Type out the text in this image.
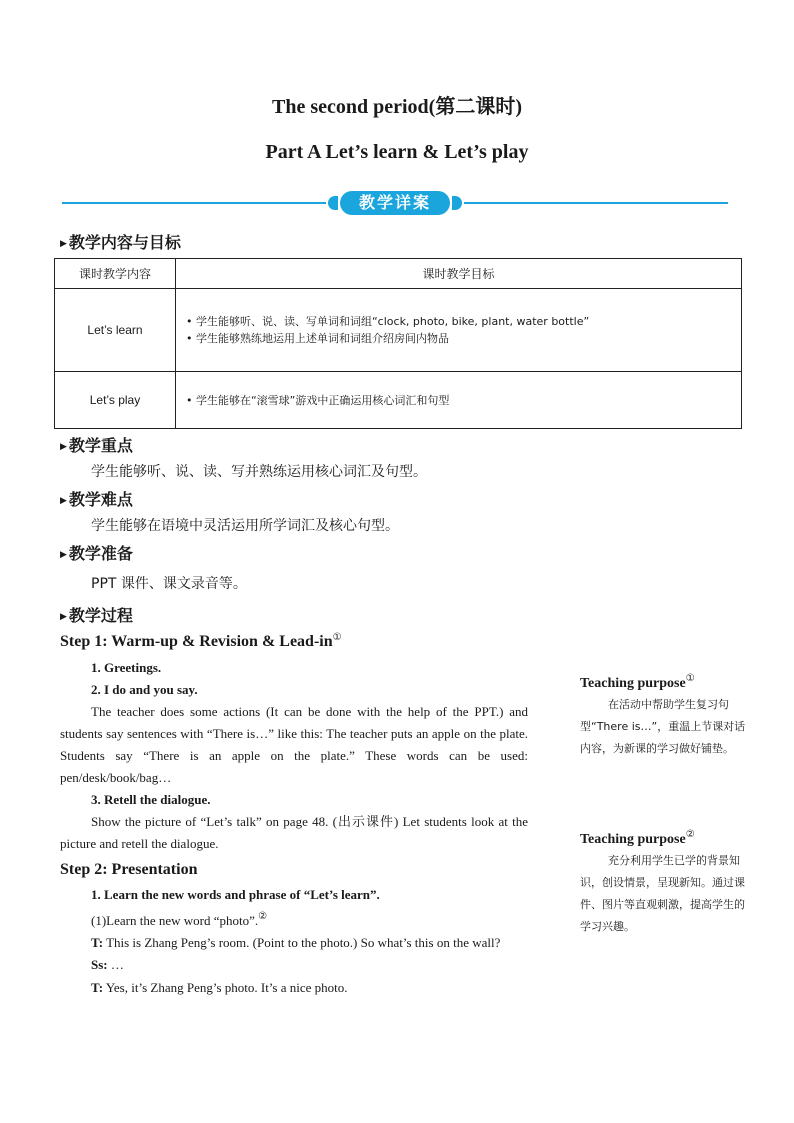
The second period(第二课时)
Part A Let’s learn & Let’s play
教学详案
▶ 教学内容与目标
课时教学内容	课时教学目标
Let’s learn	• 学生能够听、说、读、写单词和词组“clock, photo, bike, plant, water bottle”
• 学生能够熟练地运用上述单词和词组介绍房间内物品

Let’s play	• 学生能够在“滚雪球”游戏中正确运用核心词汇和句型
▶ 教学重点
学生能够听、说、读、写并熟练运用核心词汇及句型。
▶ 教学难点
学生能够在语境中灵活运用所学词汇及核心句型。
▶ 教学准备
PPT 课件、课文录音等。
▶ 教学过程
Step 1: Warm-up & Revision & Lead-in①

1. Greetings.

2. I do and you say.

The teacher does some actions (It can be done with the help of the PPT.) and students say sentences with “There is…” like this: The teacher puts an apple on the plate. Students say “There is an apple on the plate.” These words can be used: pen/desk/book/bag…

3. Retell the dialogue.

Show the picture of “Let’s talk” on page 48. (出示课件) Let students look at the picture and retell the dialogue.

Step 2: Presentation

1. Learn the new words and phrase of “Let’s learn”.

(1)Learn the new word “photo”.②

T: This is Zhang Peng’s room. (Point to the photo.) So what’s this on the wall?

Ss: …

T: Yes, it’s Zhang Peng’s photo. It’s a nice photo.

Teaching purpose①

在活动中帮助学生复习句型“There is…”，重温上节课对话内容，为新课的学习做好铺垫。

Teaching purpose②

充分利用学生已学的背景知识，创设情景，呈现新知。通过课件、图片等直观刺激，提高学生的学习兴趣。
